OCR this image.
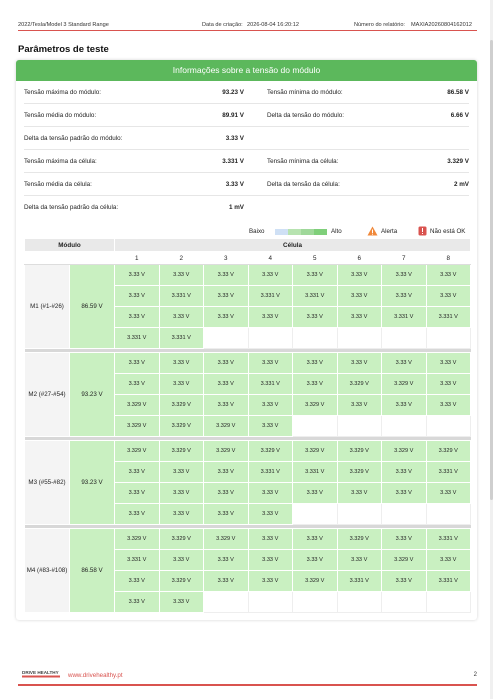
2022/Tesla/Model 3 Standard Range	Data de criação: 2026-08-04 16:20:12	Número do relatório: MAXIA20260804162012
Parâmetros de teste
Informações sobre a tensão do módulo
Tensão máxima do módulo:	93.23 V	Tensão mínima do módulo:	86.58 V
Tensão média do módulo:	89.91 V	Delta da tensão do módulo:	6.66 V
Delta da tensão padrão do módulo:	3.33 V
Tensão máxima da célula:	3.331 V	Tensão mínima da célula:	3.329 V
Tensão média da célula:	3.33 V	Delta da tensão da célula:	2 mV
Delta da tensão padrão da célula:	1 mV
Baixo	Alto	Alerta	Não está OK
Módulo		Célula							
		1	2	3	4	5	6	7	8
M1 (#1-#26)	86.59 V	3.33 V	3.33 V	3.33 V	3.33 V	3.33 V	3.33 V	3.33 V	3.33 V
		3.33 V	3.331 V	3.33 V	3.331 V	3.331 V	3.33 V	3.33 V	3.33 V
		3.33 V	3.33 V	3.33 V	3.33 V	3.33 V	3.33 V	3.331 V	3.331 V
		3.331 V	3.331 V						

M2 (#27-#54)	93.23 V	3.33 V	3.33 V	3.33 V	3.33 V	3.33 V	3.33 V	3.33 V	3.33 V
		3.33 V	3.33 V	3.33 V	3.331 V	3.33 V	3.329 V	3.329 V	3.33 V
		3.329 V	3.329 V	3.33 V	3.33 V	3.329 V	3.33 V	3.33 V	3.33 V
		3.329 V	3.329 V	3.329 V	3.33 V				

M3 (#55-#82)	93.23 V	3.329 V	3.329 V	3.329 V	3.329 V	3.329 V	3.329 V	3.329 V	3.329 V
		3.33 V	3.33 V	3.33 V	3.331 V	3.331 V	3.329 V	3.33 V	3.331 V
		3.33 V	3.33 V	3.33 V	3.33 V	3.33 V	3.33 V	3.33 V	3.33 V
		3.33 V	3.33 V	3.33 V	3.33 V				

M4 (#83-#108)	86.58 V	3.329 V	3.329 V	3.329 V	3.33 V	3.33 V	3.329 V	3.33 V	3.331 V
		3.331 V	3.33 V	3.33 V	3.33 V	3.33 V	3.33 V	3.329 V	3.33 V
		3.33 V	3.329 V	3.33 V	3.33 V	3.329 V	3.331 V	3.33 V	3.331 V
		3.33 V	3.33 V						
DRIVE HEALTHY www.drivehealthy.pt	2
